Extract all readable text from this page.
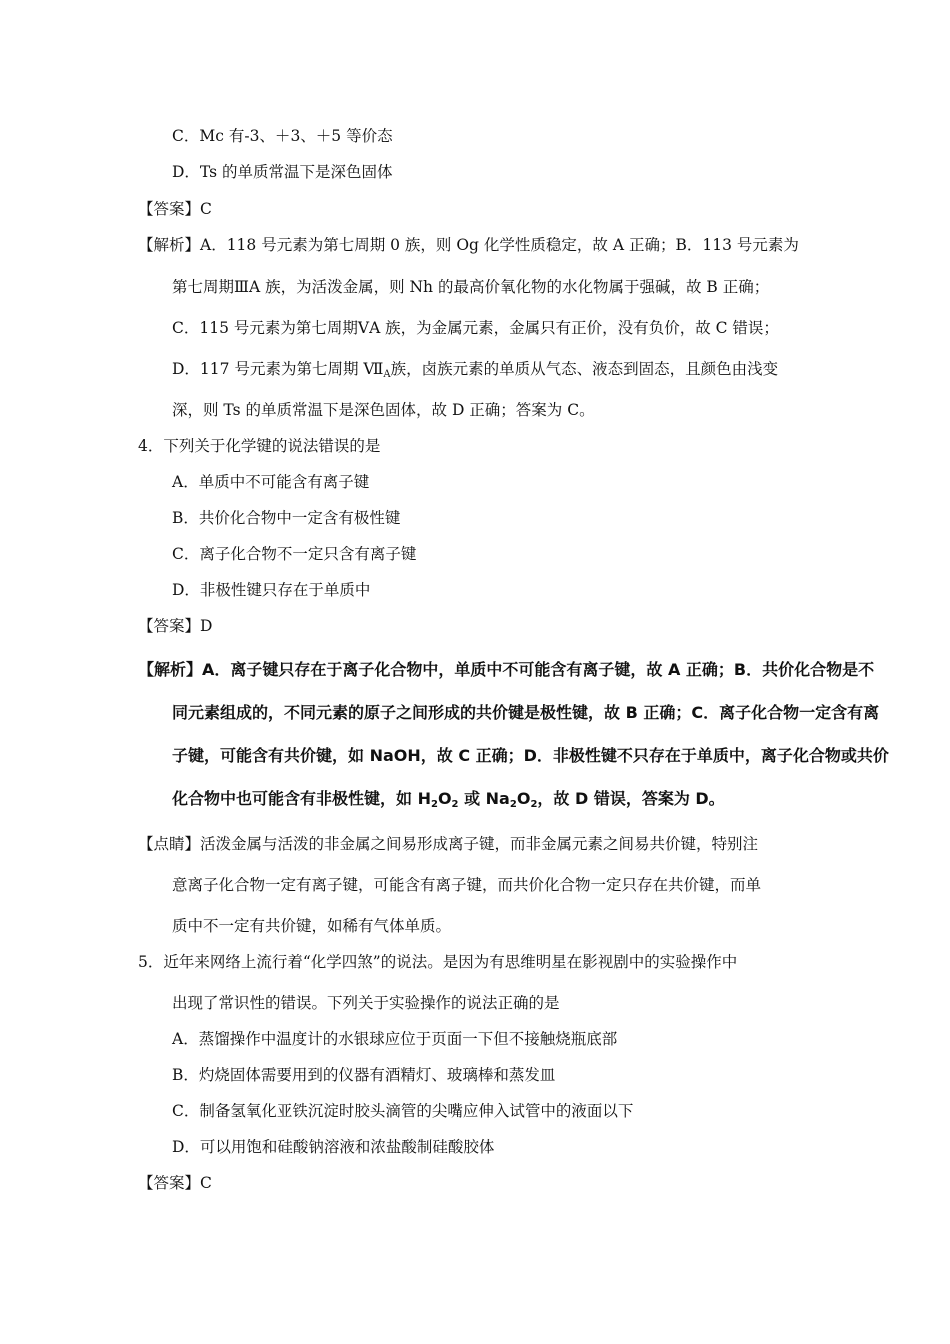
C．Mc 有-3、＋3、＋5 等价态
D．Ts 的单质常温下是深色固体
【答案】C
【解析】A．118 号元素为第七周期 0 族，则 Og 化学性质稳定，故 A 正确；B．113 号元素为
第七周期ⅢA 族，为活泼金属，则 Nh 的最高价氧化物的水化物属于强碱，故 B 正确；
C．115 号元素为第七周期ⅤA 族，为金属元素，金属只有正价，没有负价，故 C 错误；
D．117 号元素为第七周期 $Ⅶ_A$族，卤族元素的单质从气态、液态到固态，且颜色由浅变
深，则 Ts 的单质常温下是深色固体，故 D 正确；答案为 C。
4．下列关于化学键的说法错误的是
A．单质中不可能含有离子键
B．共价化合物中一定含有极性键
C．离子化合物不一定只含有离子键
D．非极性键只存在于单质中
【答案】D
【解析】A．离子键只存在于离子化合物中，单质中不可能含有离子键，故 A 正确；B．共价化合物是不
同元素组成的，不同元素的原子之间形成的共价键是极性键，故 B 正确；C．离子化合物一定含有离
子键，可能含有共价键，如 NaOH，故 C 正确；D．非极性键不只存在于单质中，离子化合物或共价
化合物中也可能含有非极性键，如 $H_2O_2$ 或 $Na_2O_2$，故 D 错误，答案为 D。
【点睛】活泼金属与活泼的非金属之间易形成离子键，而非金属元素之间易共价键，特别注
意离子化合物一定有离子键，可能含有离子键，而共价化合物一定只存在共价键，而单
质中不一定有共价键，如稀有气体单质。
5．近年来网络上流行着“化学四煞”的说法。是因为有思维明星在影视剧中的实验操作中
出现了常识性的错误。下列关于实验操作的说法正确的是
A．蒸馏操作中温度计的水银球应位于页面一下但不接触烧瓶底部
B．灼烧固体需要用到的仪器有酒精灯、玻璃棒和蒸发皿
C．制备氢氧化亚铁沉淀时胶头滴管的尖嘴应伸入试管中的液面以下
D．可以用饱和硅酸钠溶液和浓盐酸制硅酸胶体
【答案】C
